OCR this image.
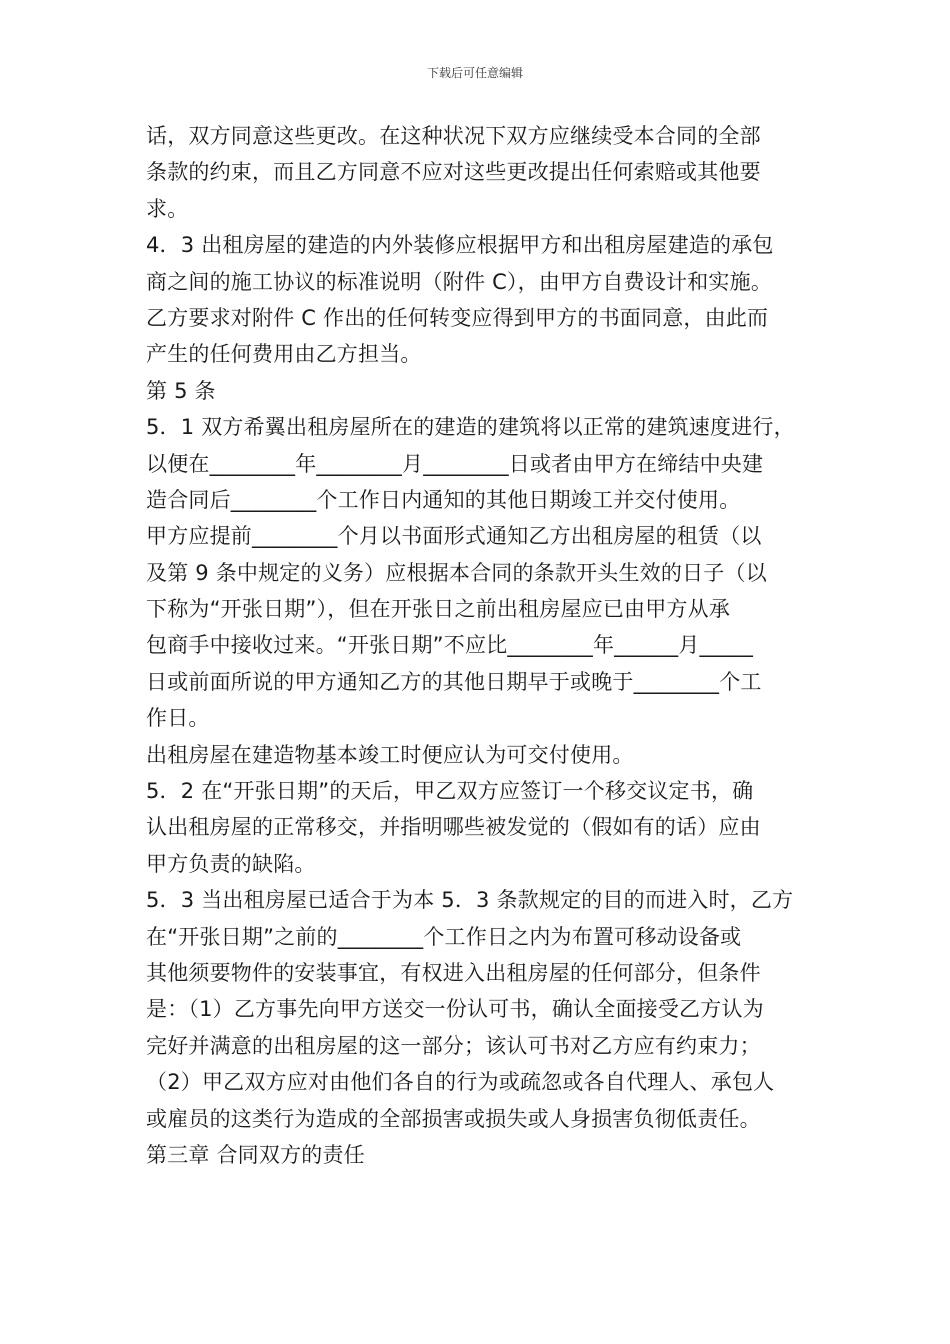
下载后可任意编辑
话，双方同意这些更改。在这种状况下双方应继续受本合同的全部
条款的约束，而且乙方同意不应对这些更改提出任何索赔或其他要
求。
4．3 出租房屋的建造的内外装修应根据甲方和出租房屋建造的承包
商之间的施工协议的标准说明（附件 C），由甲方自费设计和实施。
乙方要求对附件 C 作出的任何转变应得到甲方的书面同意，由此而
产生的任何费用由乙方担当。
第 5 条
5．1 双方希翼出租房屋所在的建造的建筑将以正常的建筑速度进行，
以便在________年________月________日或者由甲方在缔结中央建
造合同后________个工作日内通知的其他日期竣工并交付使用。
甲方应提前________个月以书面形式通知乙方出租房屋的租赁（以
及第 9 条中规定的义务）应根据本合同的条款开头生效的日子（以
下称为“开张日期”），但在开张日之前出租房屋应已由甲方从承
包商手中接收过来。“开张日期”不应比________年______月_____
日或前面所说的甲方通知乙方的其他日期早于或晚于________个工
作日。
出租房屋在建造物基本竣工时便应认为可交付使用。
5．2 在“开张日期”的天后，甲乙双方应签订一个移交议定书，确
认出租房屋的正常移交，并指明哪些被发觉的（假如有的话）应由
甲方负责的缺陷。
5．3 当出租房屋已适合于为本 5．3 条款规定的目的而进入时，乙方
在“开张日期”之前的________个工作日之内为布置可移动设备或
其他须要物件的安装事宜，有权进入出租房屋的任何部分，但条件
是：（1）乙方事先向甲方送交一份认可书，确认全面接受乙方认为
完好并满意的出租房屋的这一部分；该认可书对乙方应有约束力；
（2）甲乙双方应对由他们各自的行为或疏忽或各自代理人、承包人
或雇员的这类行为造成的全部损害或损失或人身损害负彻低责任。
第三章 合同双方的责任
